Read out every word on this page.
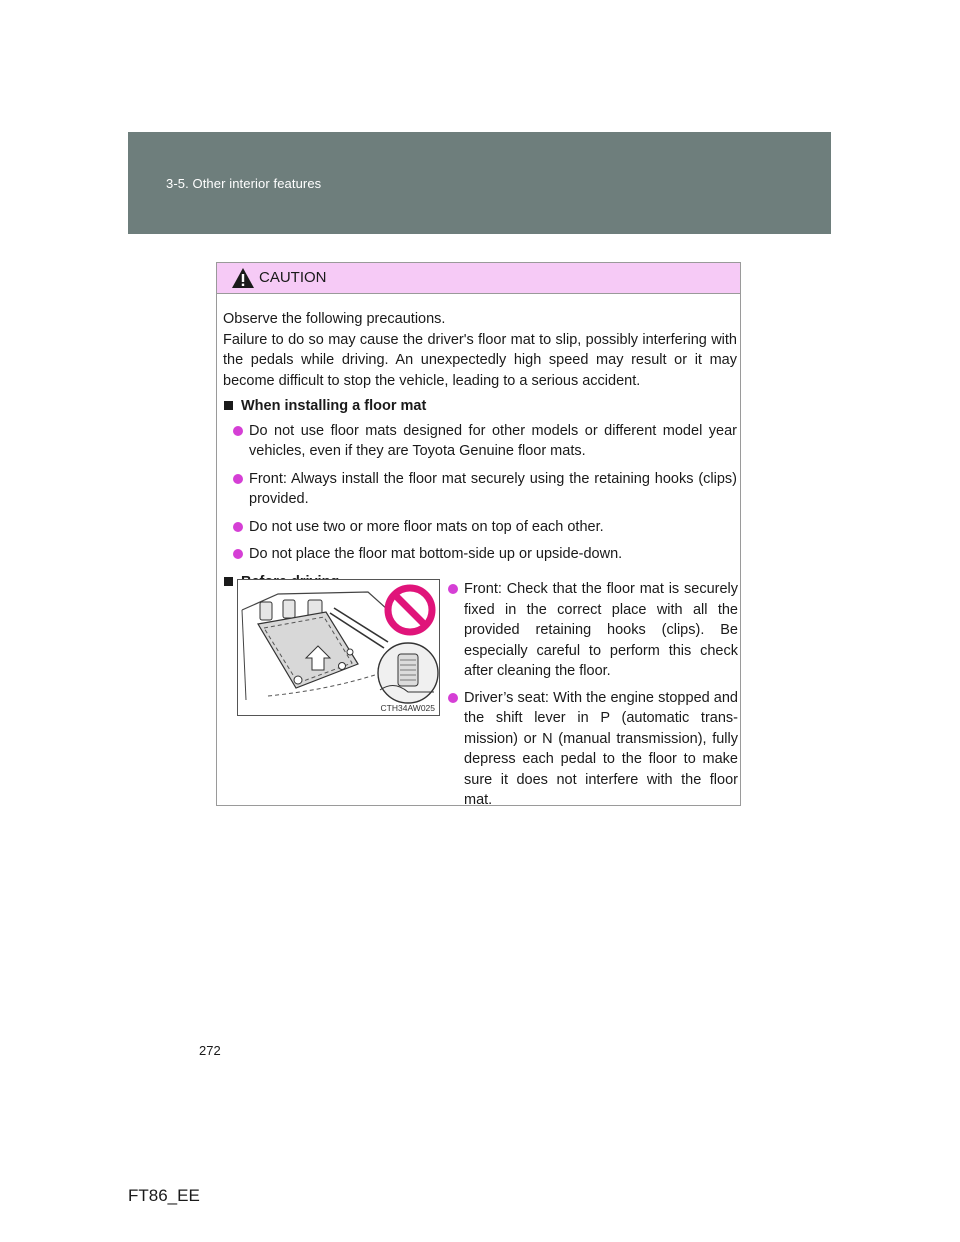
3-5. Other interior features
CAUTION

Observe the following precautions.

Failure to do so may cause the driver's floor mat to slip, possibly interfering with the pedals while driving. An unexpectedly high speed may result or it may become difficult to stop the vehicle, leading to a serious accident.

When installing a floor mat
Do not use floor mats designed for other models or different model year vehicles, even if they are Toyota Genuine floor mats.
Front: Always install the floor mat securely using the retaining hooks (clips) provided.
Do not use two or more floor mats on top of each other.
Do not place the floor mat bottom-side up or upside-down.
CTH34AW025
Front: Check that the floor mat is securely fixed in the correct place with all the provided retaining hooks (clips). Be especially careful to perform this check after cleaning the floor.
Driver’s seat: With the engine stopped and the shift lever in P (automatic trans-mission) or N (manual transmission), fully depress each pedal to the floor to make sure it does not interfere with the floor mat.
272
FT86_EE
